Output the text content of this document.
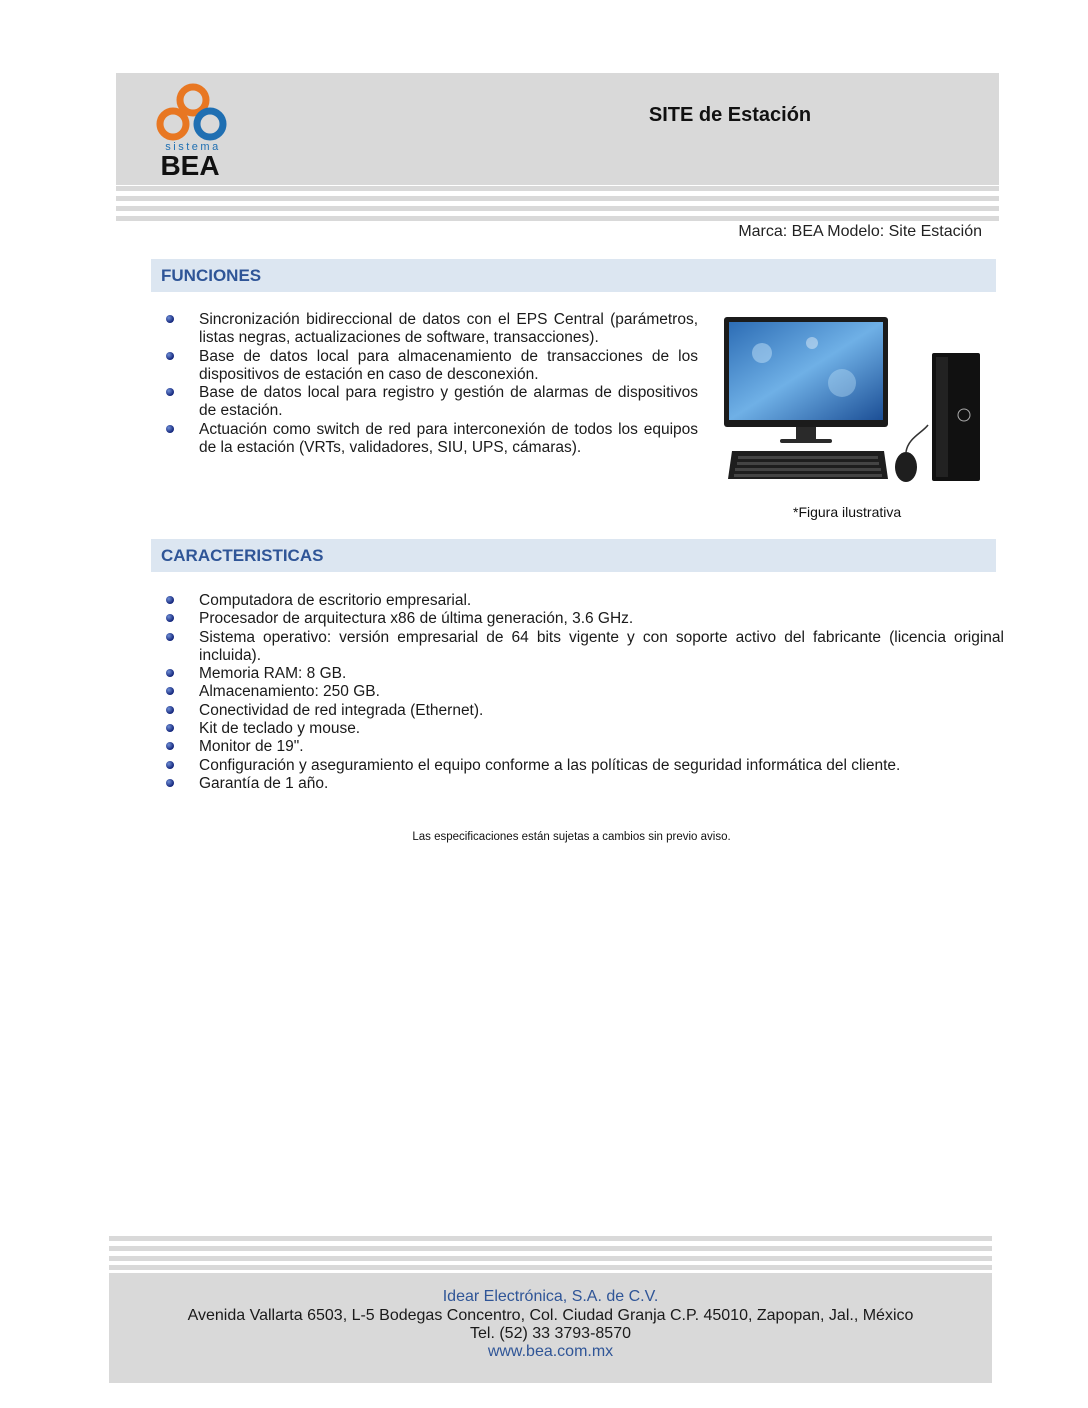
sistema
BEA
SITE de Estación
Marca: BEA Modelo: Site Estación
FUNCIONES
Sincronización bidireccional de datos con el EPS Central (parámetros, listas negras, actualizaciones de software, transacciones).
Base de datos local para almacenamiento de transacciones de los dispositivos de estación en caso de desconexión.
Base de datos local para registro y gestión de alarmas de dispositivos de estación.
Actuación como switch de red para interconexión de todos los equipos de la estación (VRTs, validadores, SIU, UPS, cámaras).
*Figura ilustrativa
CARACTERISTICAS
Computadora de escritorio empresarial.
Procesador de arquitectura x86 de última generación, 3.6 GHz.
Sistema operativo: versión empresarial de 64 bits vigente y con soporte activo del fabricante (licencia original incluida).
Memoria RAM: 8 GB.
Almacenamiento: 250 GB.
Conectividad de red integrada (Ethernet).
Kit de teclado y mouse.
Monitor de 19".
Configuración y aseguramiento el equipo conforme a las políticas de seguridad informática del cliente.
Garantía de 1 año.
Las especificaciones están sujetas a cambios sin previo aviso.
Idear Electrónica, S.A. de C.V.
Avenida Vallarta 6503, L-5 Bodegas Concentro, Col. Ciudad Granja C.P. 45010, Zapopan, Jal., México
Tel. (52) 33 3793-8570
www.bea.com.mx
